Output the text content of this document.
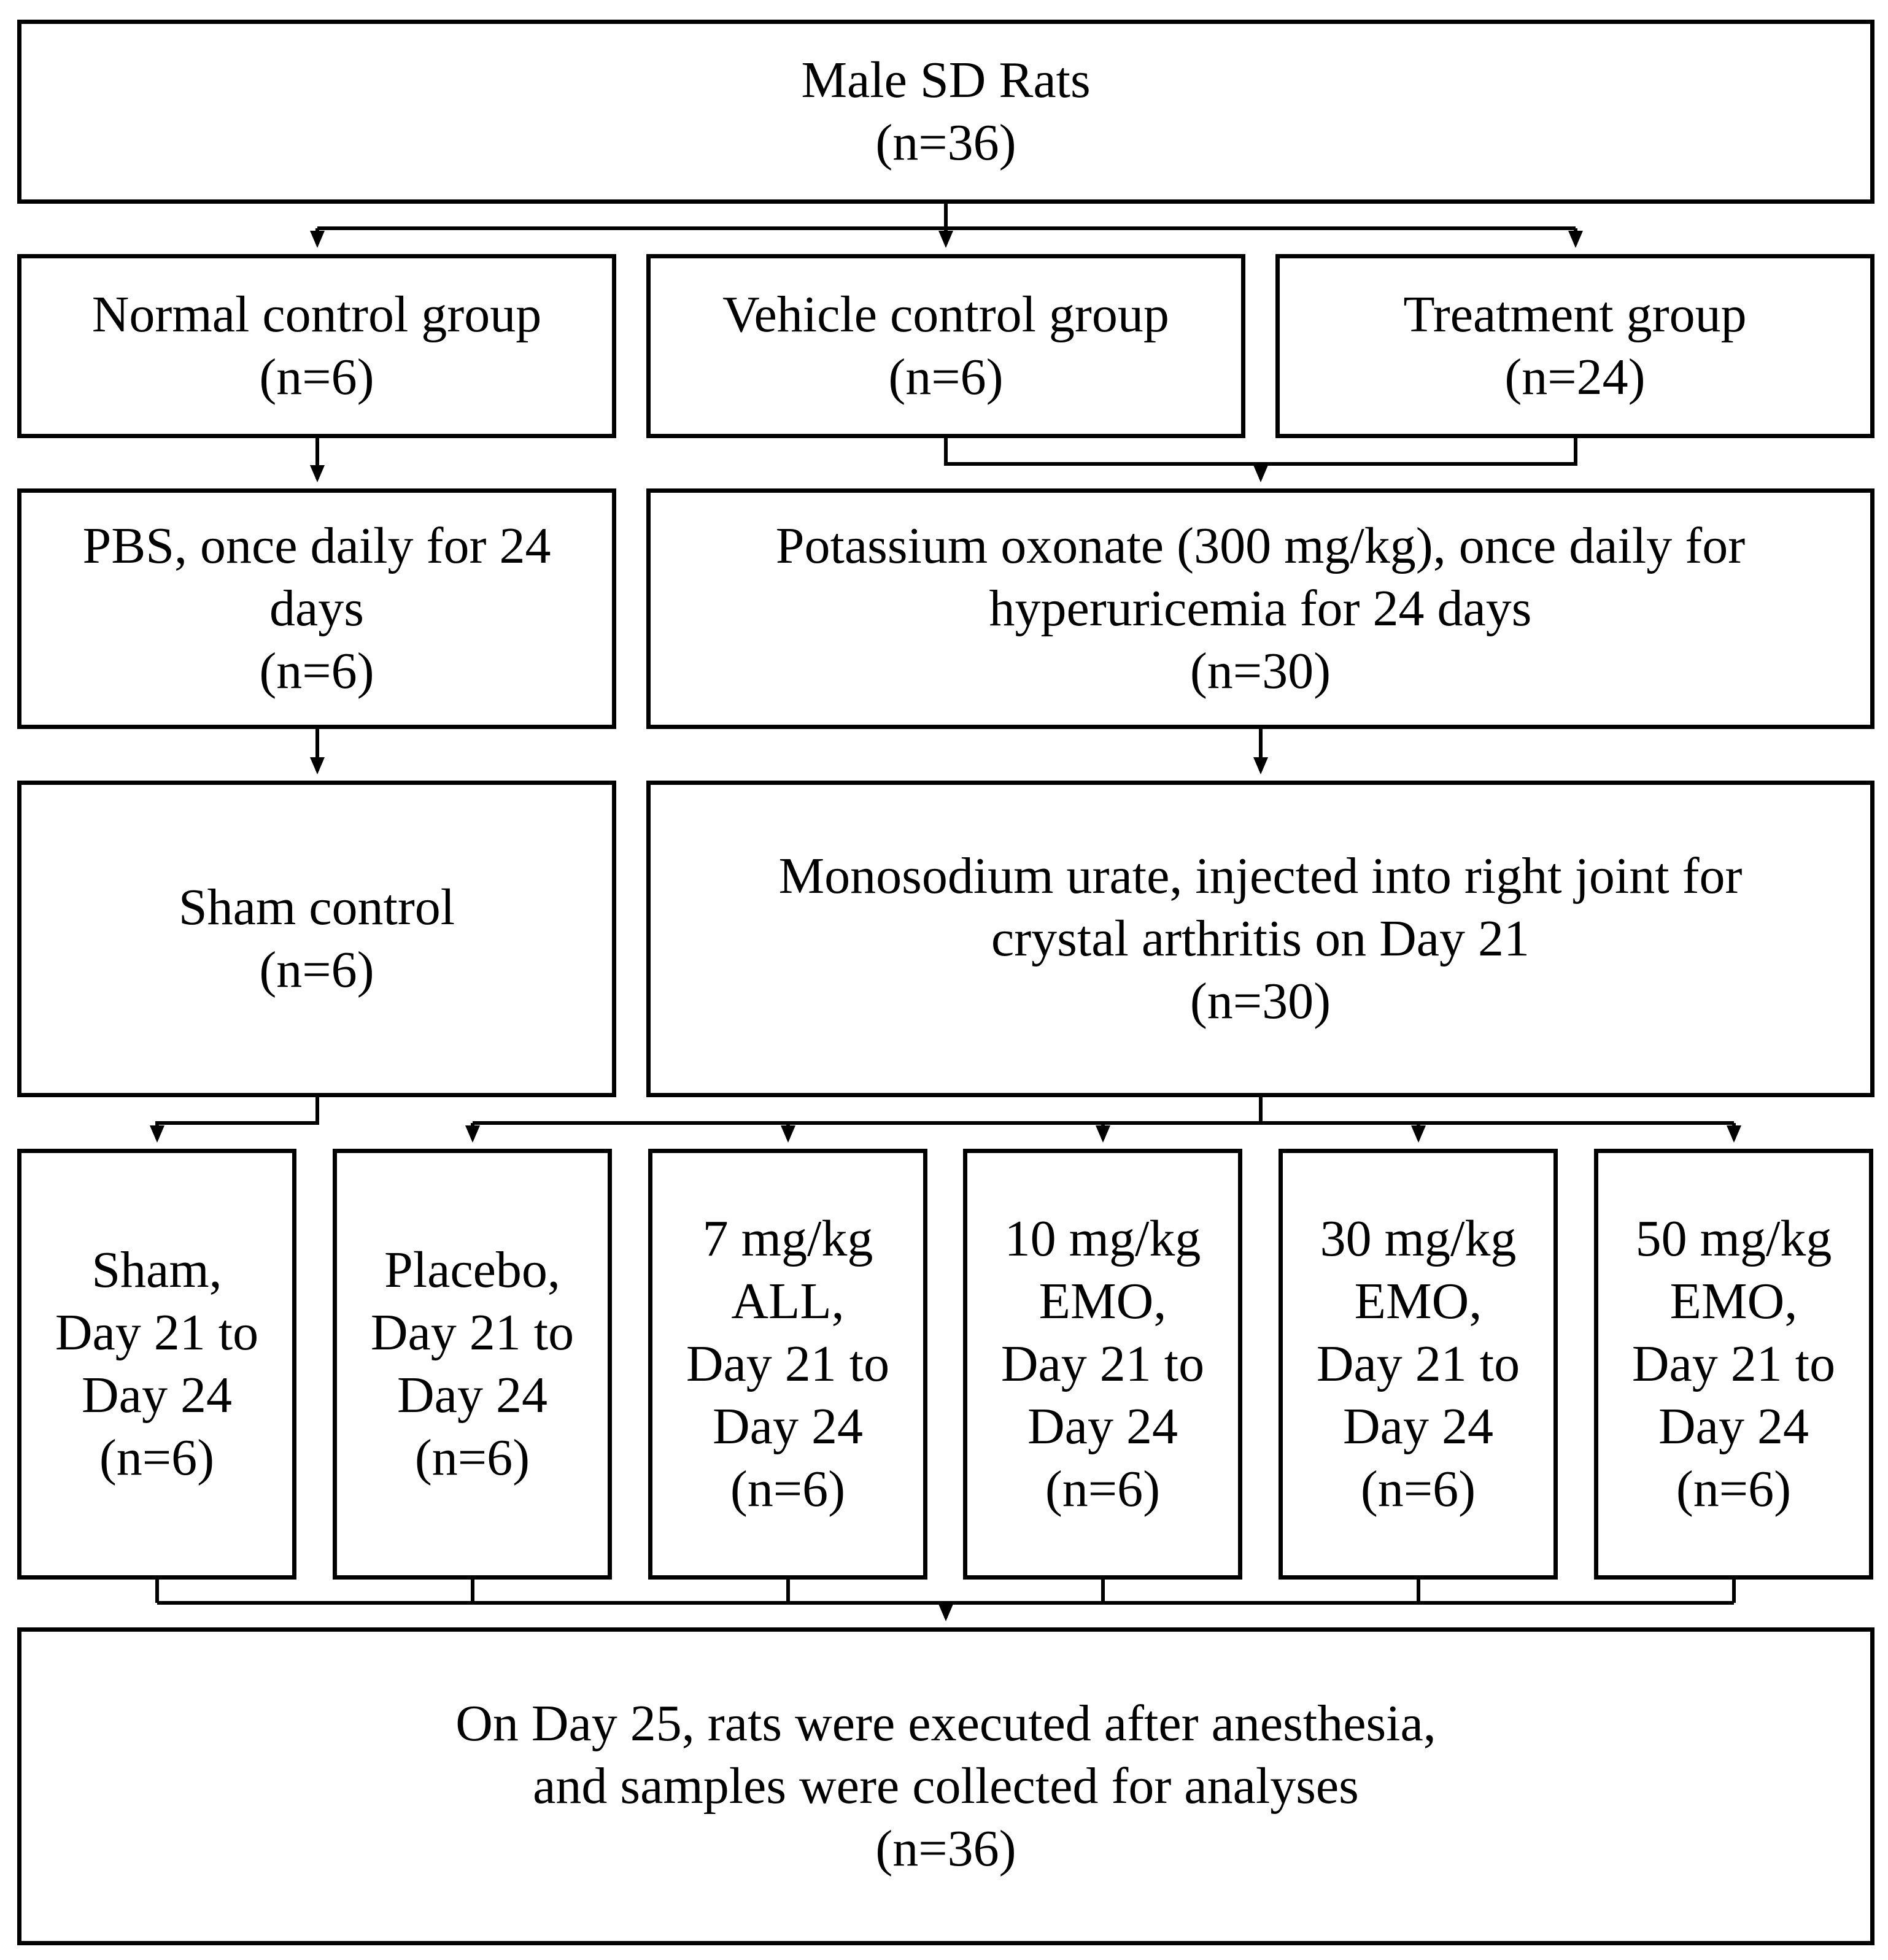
Male SD Rats
(n=36)
Normal control group
(n=6)
Vehicle control group
(n=6)
Treatment group
(n=24)
PBS, once daily for 24
days
(n=6)
Potassium oxonate (300 mg/kg), once daily for
hyperuricemia for 24 days
(n=30)
Sham control
(n=6)
Monosodium urate, injected into right joint for
crystal arthritis on Day 21
(n=30)
Sham,
Day 21 to
Day 24
(n=6)
Placebo,
Day 21 to
Day 24
(n=6)
7 mg/kg
ALL,
Day 21 to
Day 24
(n=6)
10 mg/kg
EMO,
Day 21 to
Day 24
(n=6)
30 mg/kg
EMO,
Day 21 to
Day 24
(n=6)
50 mg/kg
EMO,
Day 21 to
Day 24
(n=6)
On Day 25, rats were executed after anesthesia,
and samples were collected for analyses
(n=36)
